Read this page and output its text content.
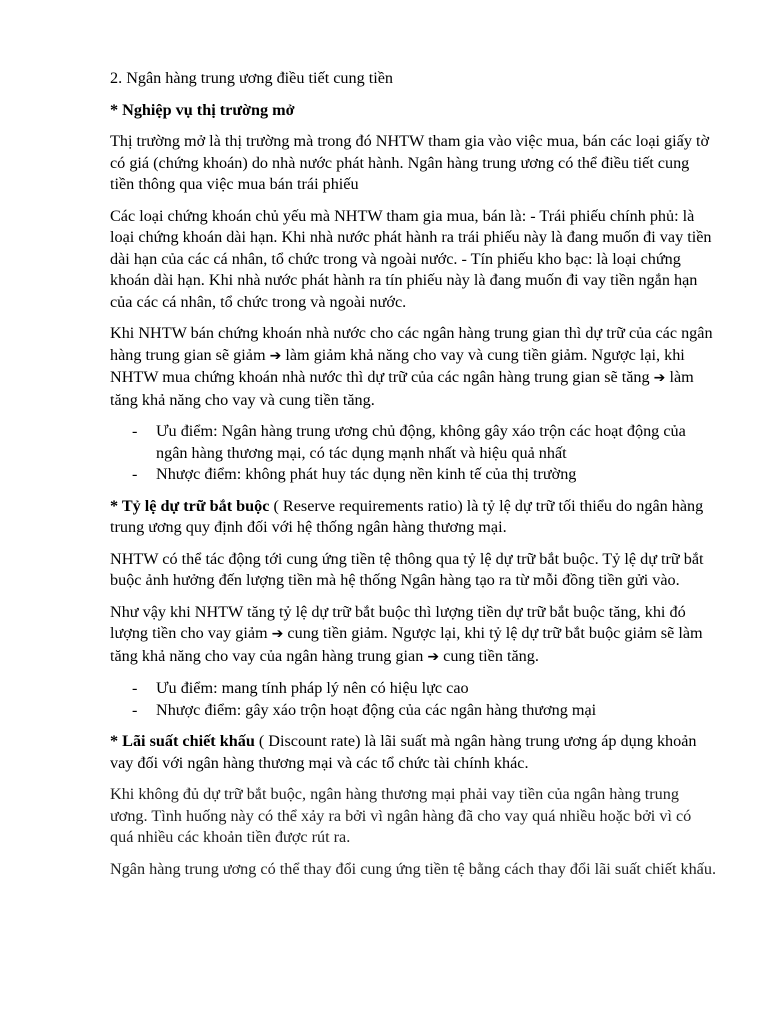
2. Ngân hàng trung ương điều tiết cung tiền

* Nghiệp vụ thị trường mở

Thị trường mở là thị trường mà trong đó NHTW tham gia vào việc mua, bán các loại giấy tờ có giá (chứng khoán) do nhà nước phát hành. Ngân hàng trung ương có thể điều tiết cung tiền thông qua việc mua bán trái phiếu

Các loại chứng khoán chủ yếu mà NHTW tham gia mua, bán là: - Trái phiếu chính phủ: là loại chứng khoán dài hạn. Khi nhà nước phát hành ra trái phiếu này là đang muốn đi vay tiền dài hạn của các cá nhân, tổ chức trong và ngoài nước. - Tín phiếu kho bạc: là loại chứng khoán dài hạn. Khi nhà nước phát hành ra tín phiếu này là đang muốn đi vay tiền ngắn hạn của các cá nhân, tổ chức trong và ngoài nước.

Khi NHTW bán chứng khoán nhà nước cho các ngân hàng trung gian thì dự trữ của các ngân hàng trung gian sẽ giảm ➔ làm giảm khả năng cho vay và cung tiền giảm. Ngược lại, khi NHTW mua chứng khoán nhà nước thì dự trữ của các ngân hàng trung gian sẽ tăng ➔ làm tăng khả năng cho vay và cung tiền tăng.

- Ưu điểm: Ngân hàng trung ương chủ động, không gây xáo trộn các hoạt động của ngân hàng thương mại, có tác dụng mạnh nhất và hiệu quả nhất
- Nhược điểm: không phát huy tác dụng nền kinh tế của thị trường

* Tỷ lệ dự trữ bắt buộc ( Reserve requirements ratio) là tỷ lệ dự trữ tối thiểu do ngân hàng trung ương quy định đối với hệ thống ngân hàng thương mại.

NHTW có thể tác động tới cung ứng tiền tệ thông qua tỷ lệ dự trữ bắt buộc. Tỷ lệ dự trữ bắt buộc ảnh hưởng đến lượng tiền mà hệ thống Ngân hàng tạo ra từ mỗi đồng tiền gửi vào.

Như vậy khi NHTW tăng tỷ lệ dự trữ bắt buộc thì lượng tiền dự trữ bắt buộc tăng, khi đó lượng tiền cho vay giảm ➔ cung tiền giảm. Ngược lại, khi tỷ lệ dự trữ bắt buộc giảm sẽ làm tăng khả năng cho vay của ngân hàng trung gian ➔ cung tiền tăng.

- Ưu điểm: mang tính pháp lý nên có hiệu lực cao
- Nhược điểm: gây xáo trộn hoạt động của các ngân hàng thương mại

* Lãi suất chiết khấu ( Discount rate) là lãi suất mà ngân hàng trung ương áp dụng khoản vay đối với ngân hàng thương mại và các tổ chức tài chính khác.

Khi không đủ dự trữ bắt buộc, ngân hàng thương mại phải vay tiền của ngân hàng trung ương. Tình huống này có thể xảy ra bởi vì ngân hàng đã cho vay quá nhiều hoặc bởi vì có quá nhiều các khoản tiền được rút ra.

Ngân hàng trung ương có thể thay đổi cung ứng tiền tệ bằng cách thay đổi lãi suất chiết khấu.
